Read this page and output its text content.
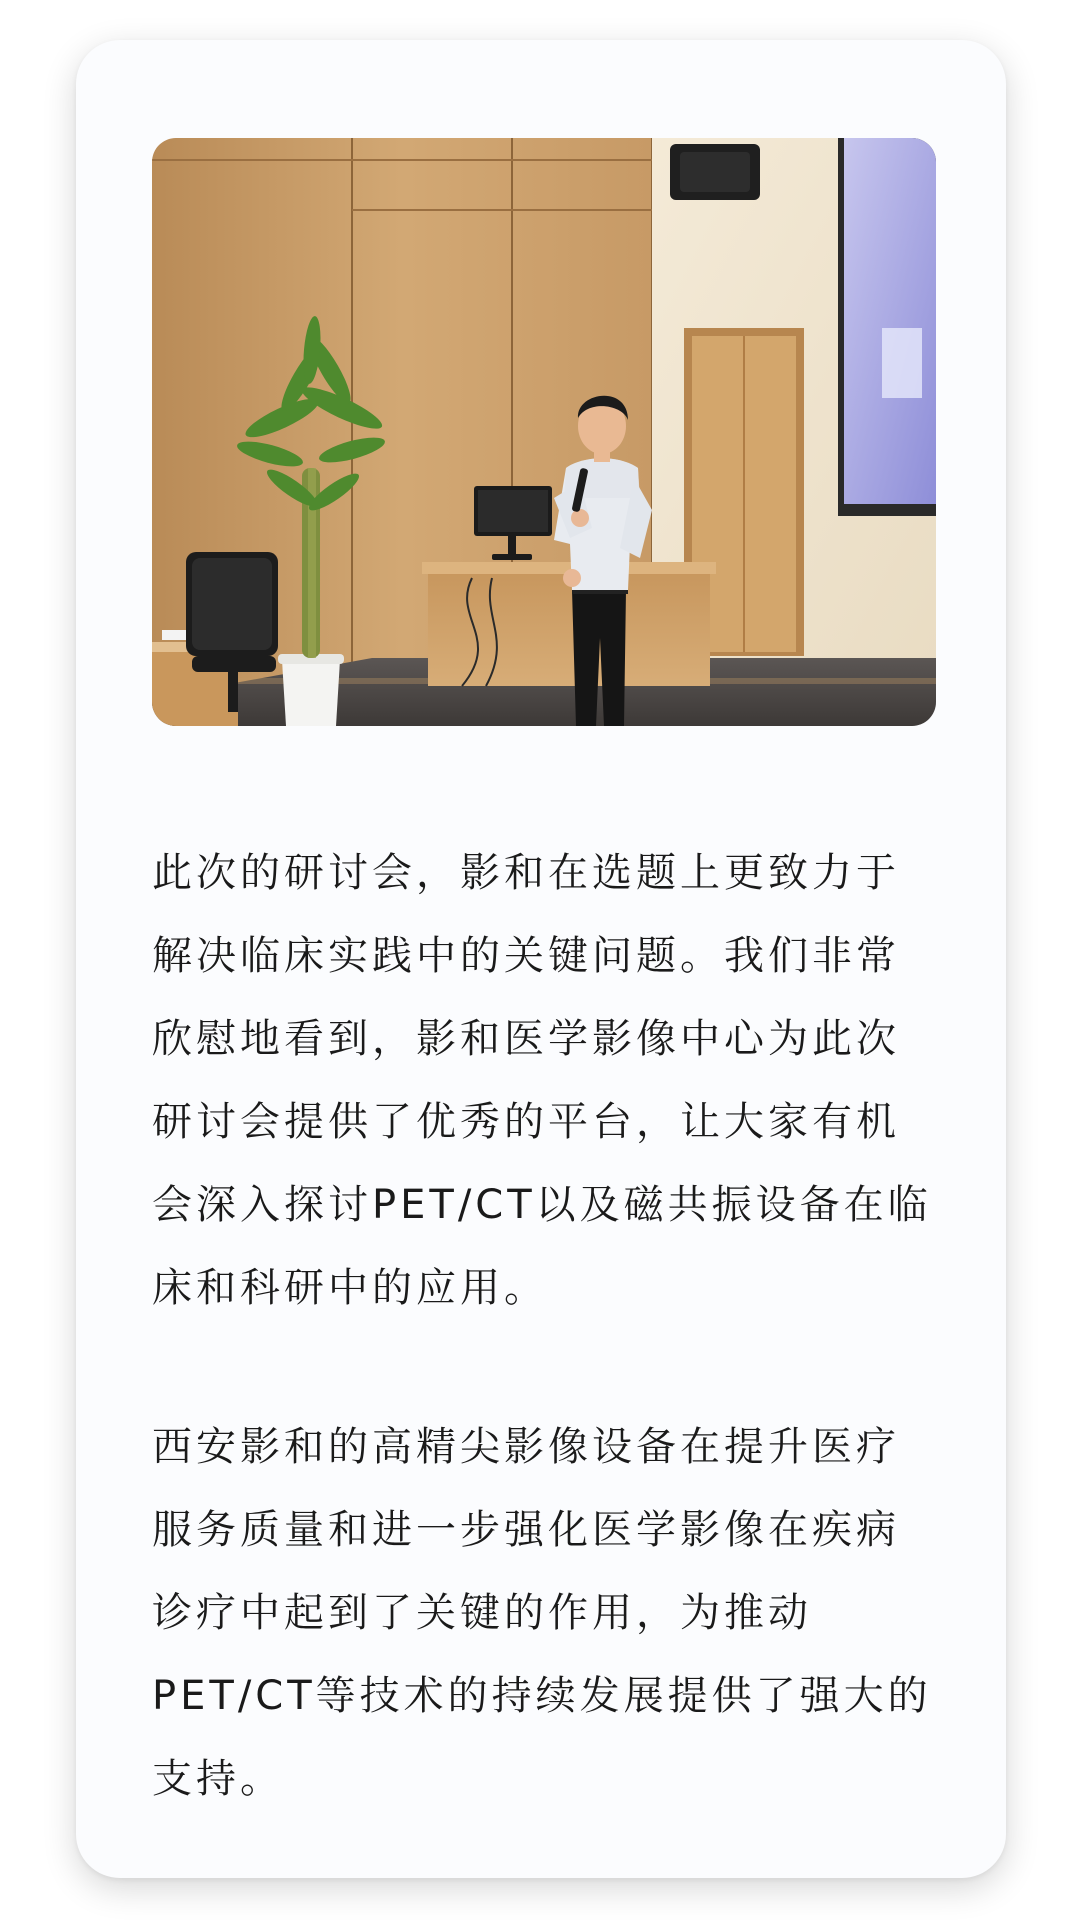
此次的研讨会，影和在选题上更致力于解决临床实践中的关键问题。我们非常欣慰地看到，影和医学影像中心为此次研讨会提供了优秀的平台，让大家有机会深入探讨PET/CT以及磁共振设备在临床和科研中的应用。

西安影和的高精尖影像设备在提升医疗服务质量和进一步强化医学影像在疾病诊疗中起到了关键的作用，为推动PET/CT等技术的持续发展提供了强大的支持。
